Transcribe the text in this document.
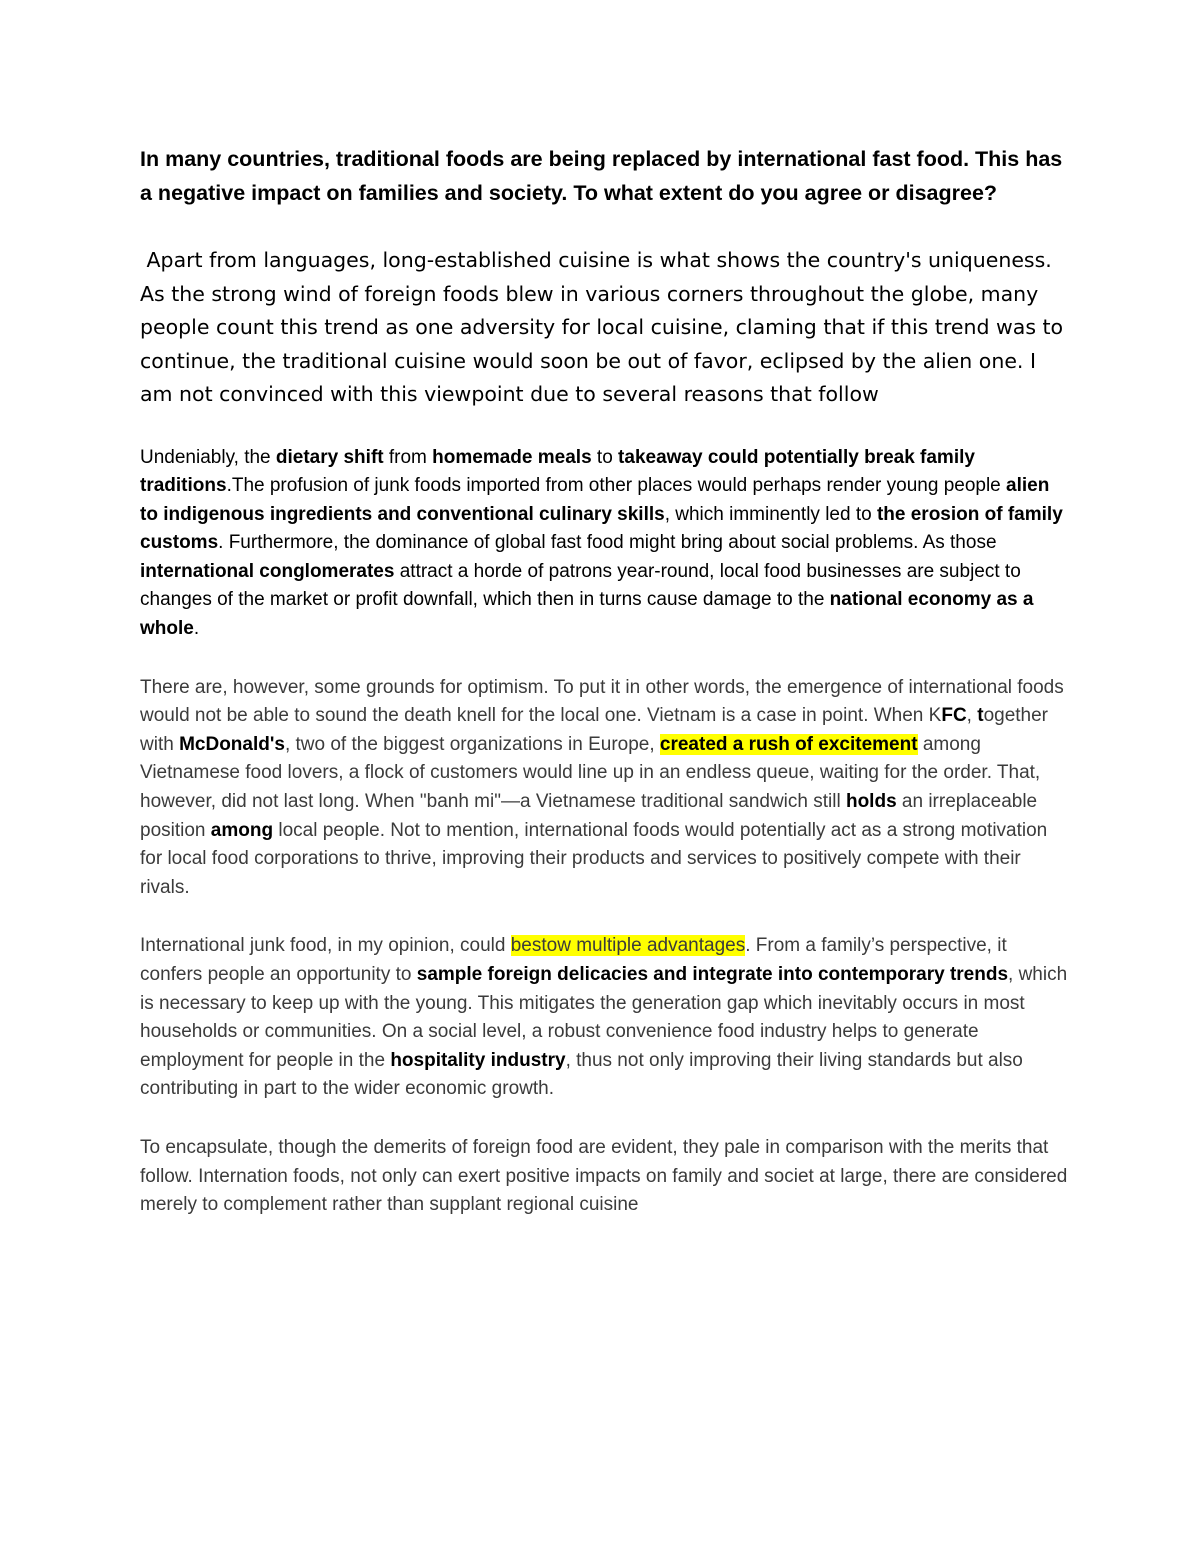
In many countries, traditional foods are being replaced by international fast food. This has a negative impact on families and society. To what extent do you agree or disagree?

Apart from languages, long-established cuisine is what shows the country's uniqueness. As the strong wind of foreign foods blew in various corners throughout the globe, many people count this trend as one adversity for local cuisine, claming that if this trend was to continue, the traditional cuisine would soon be out of favor, eclipsed by the alien one. I am not convinced with this viewpoint due to several reasons that follow

Undeniably, the dietary shift from homemade meals to takeaway could potentially break family traditions.The profusion of junk foods imported from other places would perhaps render young people alien to indigenous ingredients and conventional culinary skills, which imminently led to the erosion of family customs. Furthermore, the dominance of global fast food might bring about social problems. As those international conglomerates attract a horde of patrons year-round, local food businesses are subject to changes of the market or profit downfall, which then in turns cause damage to the national economy as a whole.

There are, however, some grounds for optimism. To put it in other words, the emergence of international foods would not be able to sound the death knell for the local one. Vietnam is a case in point. When KFC, together with McDonald's, two of the biggest organizations in Europe, created a rush of excitement among Vietnamese food lovers, a flock of customers would line up in an endless queue, waiting for the order. That, however, did not last long. When "banh mi"—a Vietnamese traditional sandwich still holds an irreplaceable position among local people. Not to mention, international foods would potentially act as a strong motivation for local food corporations to thrive, improving their products and services to positively compete with their rivals.

International junk food, in my opinion, could bestow multiple advantages. From a family’s perspective, it confers people an opportunity to sample foreign delicacies and integrate into contemporary trends, which is necessary to keep up with the young. This mitigates the generation gap which inevitably occurs in most households or communities. On a social level, a robust convenience food industry helps to generate employment for people in the hospitality industry, thus not only improving their living standards but also contributing in part to the wider economic growth.

To encapsulate, though the demerits of foreign food are evident, they pale in comparison with the merits that follow. Internation foods, not only can exert positive impacts on family and societ at large, there are considered merely to complement rather than supplant regional cuisine
